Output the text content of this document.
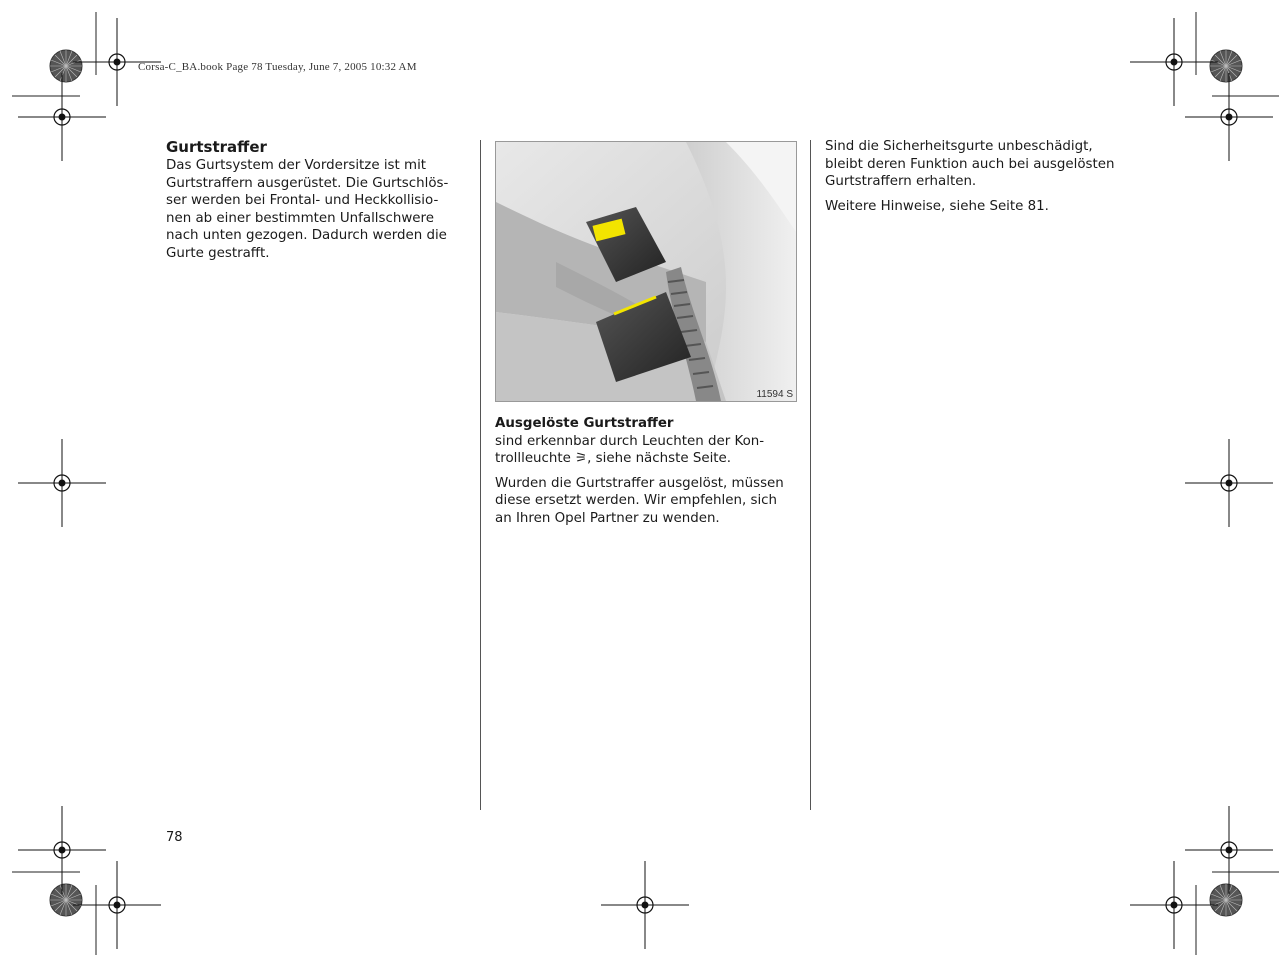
Corsa-C_BA.book Page 78 Tuesday, June 7, 2005 10:32 AM
Gurtstraffer
Das Gurtsystem der Vordersitze ist mit
Gurtstraffern ausgerüstet. Die Gurtschlös-
ser werden bei Frontal- und Heckkollisio-
nen ab einer bestimmten Unfallschwere
nach unten gezogen. Dadurch werden die
Gurte gestrafft.
11594 S
Ausgelöste Gurtstraffer
sind erkennbar durch Leuchten der Kon-
trollleuchte ⚞, siehe nächste Seite.
Wurden die Gurtstraffer ausgelöst, müssen
diese ersetzt werden. Wir empfehlen, sich
an Ihren Opel Partner zu wenden.
Sind die Sicherheitsgurte unbeschädigt,
bleibt deren Funktion auch bei ausgelösten
Gurtstraffern erhalten.
Weitere Hinweise, siehe Seite 81.
78
